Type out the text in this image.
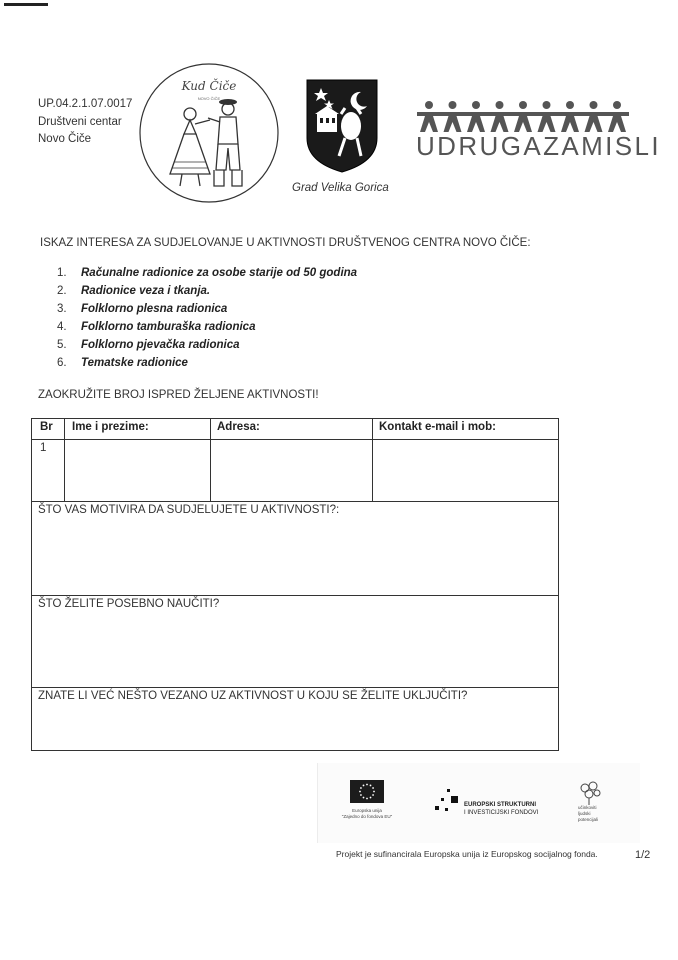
UP.04.2.1.07.0017
Društveni centar
Novo Čiče
Kud Čiče
NOVO ČIČE
Grad Velika Gorica
UDRUGAZAMISLI
ISKAZ INTERESA ZA SUDJELOVANJE U AKTIVNOSTI DRUŠTVENOG CENTRA NOVO ČIČE:
1. Računalne radionice za osobe starije od 50 godina
2. Radionice veza i tkanja.
3. Folklorno plesna radionica
4. Folklorno tamburaška radionica
5. Folklorno pjevačka radionica
6. Tematske radionice
ZAOKRUŽITE BROJ ISPRED ŽELJENE AKTIVNOSTI!
Br Ime i prezime:	Adresa:	Kontakt e-mail i mob:
1
ŠTO VAS MOTIVIRA DA SUDJELUJETE U AKTIVNOSTI?:
ŠTO ŽELITE POSEBNO NAUČITI?
ZNATE LI VEĆ NEŠTO VEZANO UZ AKTIVNOST U KOJU SE ŽELITE UKLJUČITI?
Europska unija
"Zajedno do fondova EU"
EUROPSKI STRUKTURNI
I INVESTICIJSKI FONDOVI
učinkoviti
ljudski
potencijali
Projekt je sufinancirala Europska unija iz Europskog socijalnog fonda.	1/2
